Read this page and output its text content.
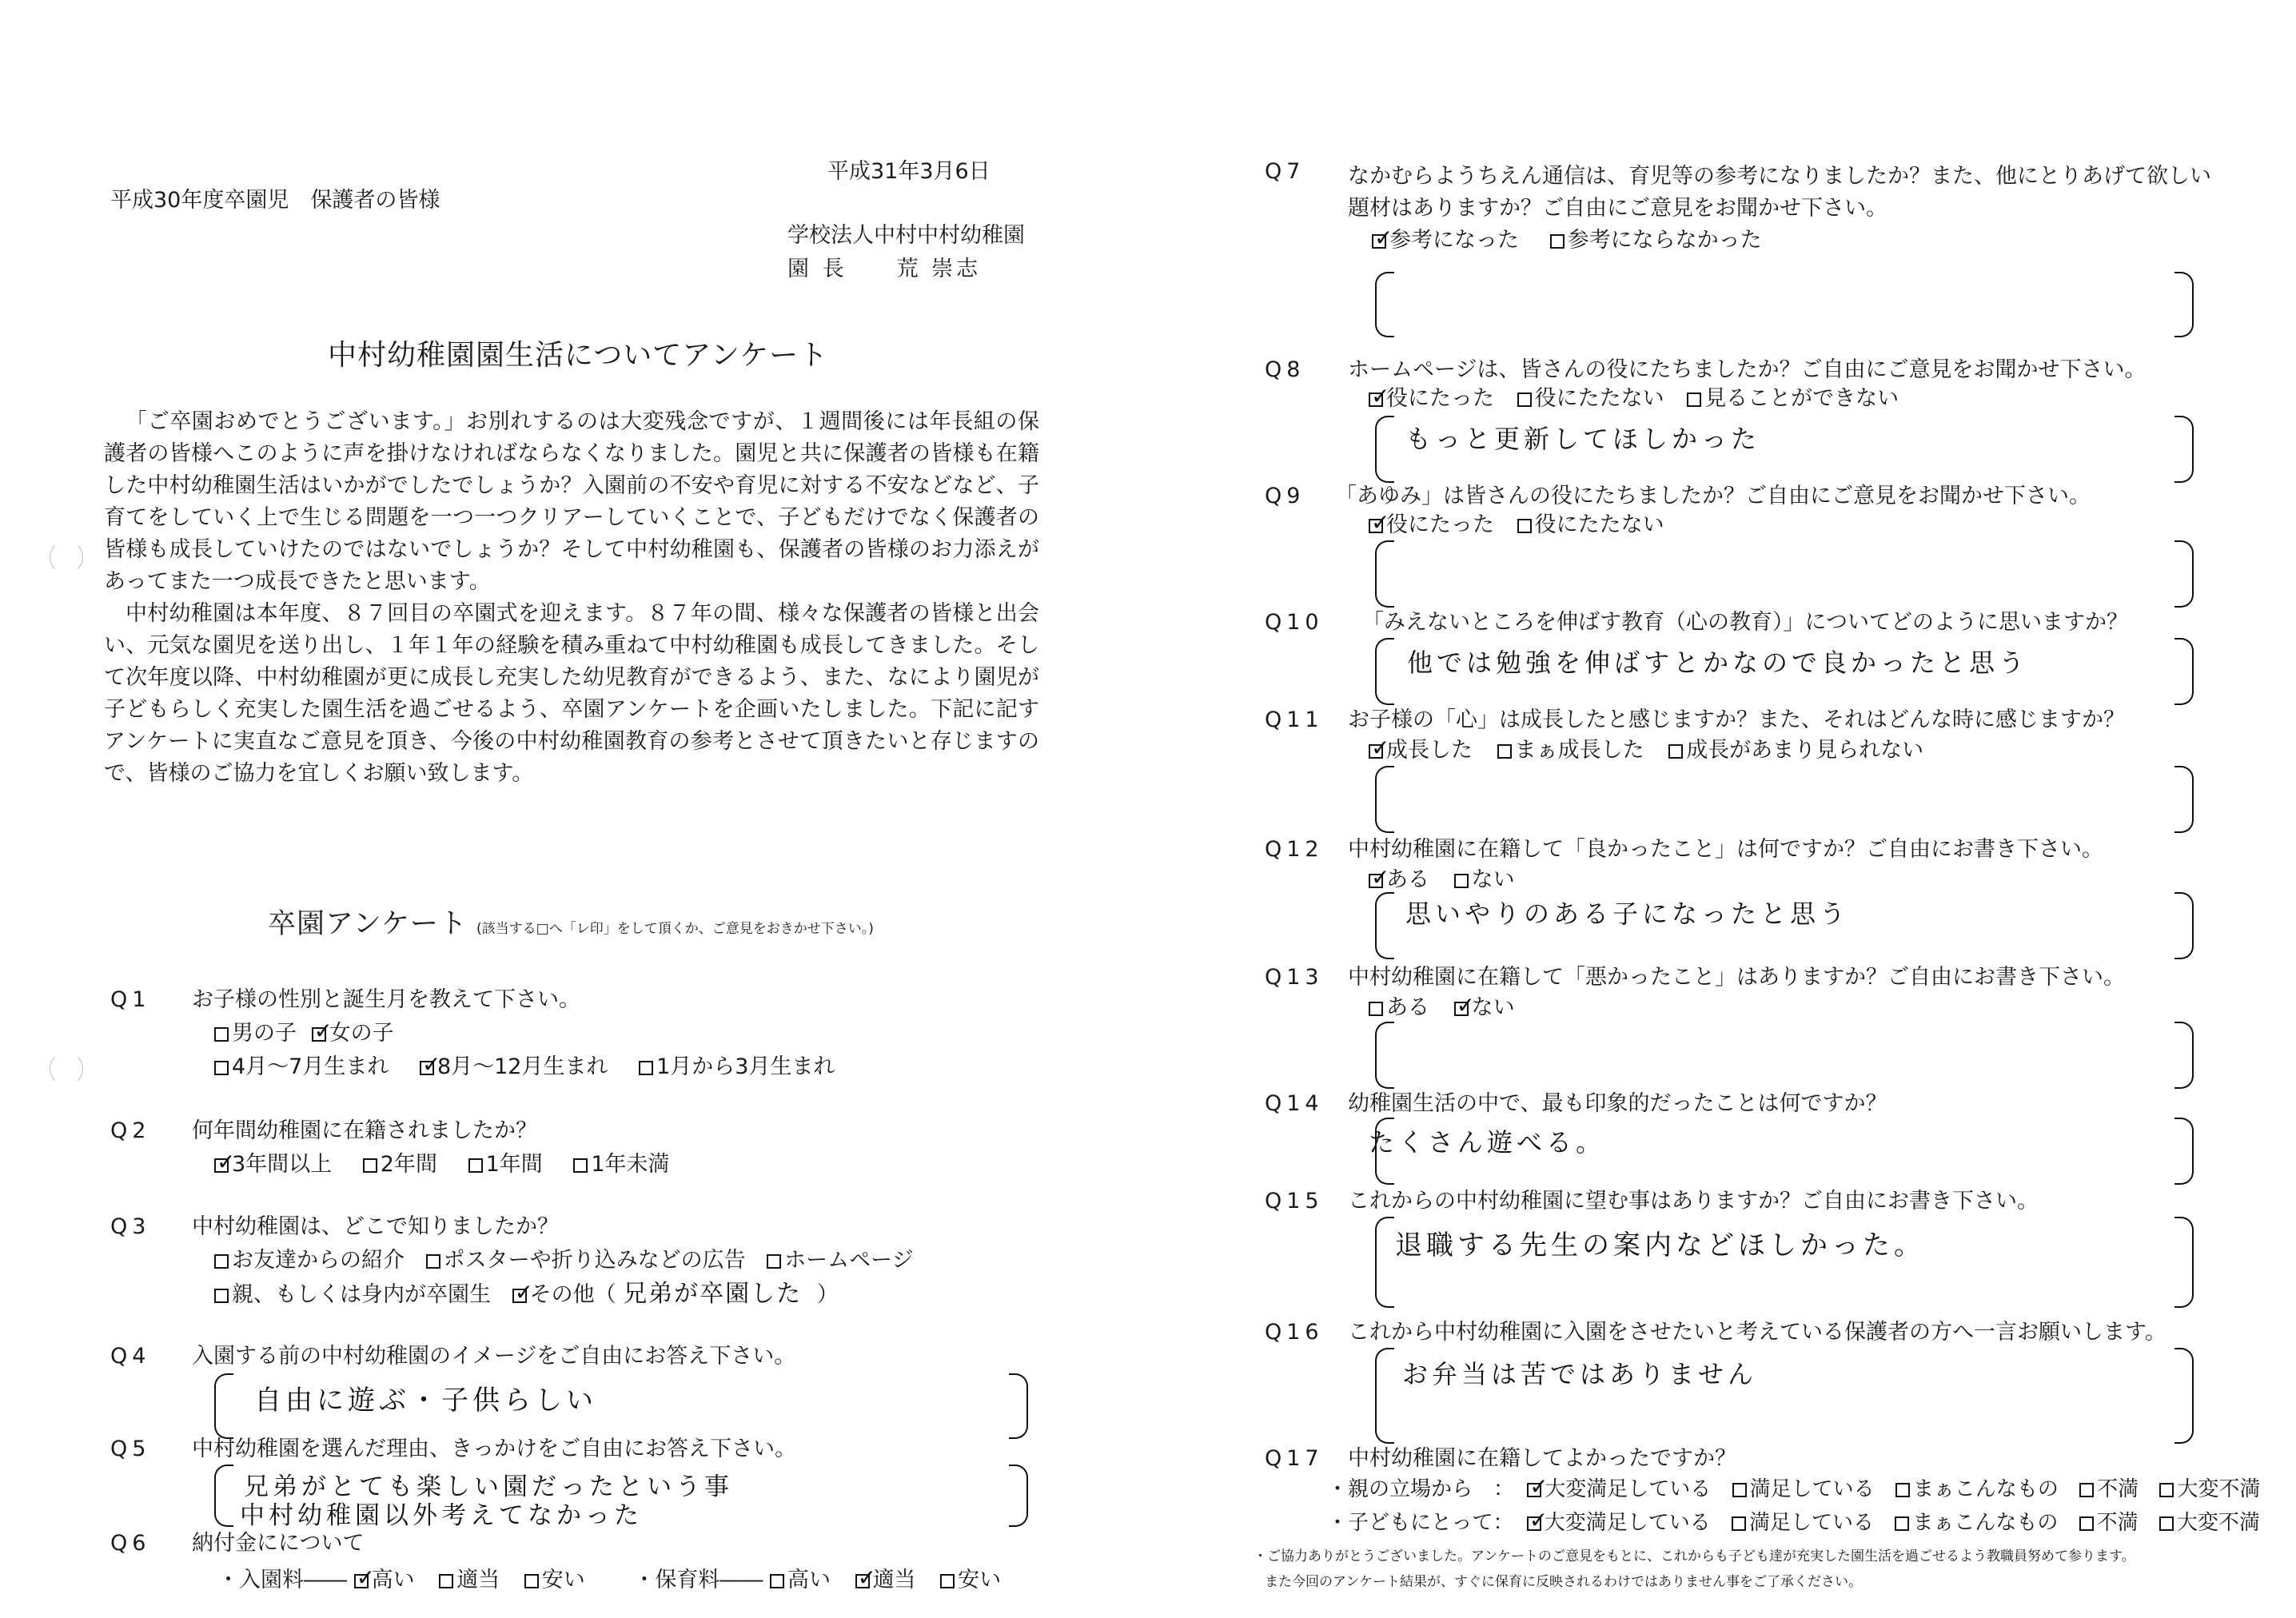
平成31年3月6日
平成30年度卒園児　保護者の皆様
学校法人中村中村幼稚園
園 長　　荒 崇志
中村幼稚園園生活についてアンケート

「ご卒園おめでとうございます。」お別れするのは大変残念ですが、１週間後には年長組の保護者の皆様へこのように声を掛けなければならなくなりました。園児と共に保護者の皆様も在籍した中村幼稚園生活はいかがでしたでしょうか？入園前の不安や育児に対する不安などなど、子育てをしていく上で生じる問題を一つ一つクリアーしていくことで、子どもだけでなく保護者の皆様も成長していけたのではないでしょうか？そして中村幼稚園も、保護者の皆様のお力添えがあってまた一つ成長できたと思います。

中村幼稚園は本年度、８７回目の卒園式を迎えます。８７年の間、様々な保護者の皆様と出会い、元気な園児を送り出し、１年１年の経験を積み重ねて中村幼稚園も成長してきました。そして次年度以降、中村幼稚園が更に成長し充実した幼児教育ができるよう、また、なにより園児が子どもらしく充実した園生活を過ごせるよう、卒園アンケートを企画いたしました。下記に記すアンケートに実直なご意見を頂き、今後の中村幼稚園教育の参考とさせて頂きたいと存じますので、皆様のご協力を宜しくお願い致します。

卒園アンケート (該当する□へ「レ印」をして頂くか、ご意見をおきかせ下さい。)
Q1 お子様の性別と誕生月を教えて下さい。
男の子 ✓ 女の子
4月～7月生まれ ✓ 8月～12月生まれ 1月から3月生まれ
Q2 何年間幼稚園に在籍されましたか？
✓3年間以上 2年間 1年間 1年未満
Q3 中村幼稚園は、どこで知りましたか？
お友達からの紹介 ポスターや折り込みなどの広告 ホームページ
親、もしくは身内が卒園生 ✓ その他（ 兄弟が卒園した ）
Q4 入園する前の中村幼稚園のイメージをご自由にお答え下さい。
自由に遊ぶ・子供らしい
Q5 中村幼稚園を選んだ理由、きっかけをご自由にお答え下さい。
兄弟がとても楽しい園だったという事
中村幼稚園以外考えてなかった
Q6 納付金にについて
・入園料―― ✓ 高い 適当 安い ・保育料―― 高い ✓ 適当 安い
Q7 なかむらようちえん通信は、育児等の参考になりましたか？また、他にとりあげて欲しい
題材はありますか？ご自由にご意見をお聞かせ下さい。
✓参考になった 参考にならなかった
Q8 ホームページは、皆さんの役にたちましたか？ご自由にご意見をお聞かせ下さい。
✓役にたった 役にたたない 見ることができない
もっと更新してほしかった
Q9 「あゆみ」は皆さんの役にたちましたか？ご自由にご意見をお聞かせ下さい。
✓役にたった 役にたたない
Q10 「みえないところを伸ばす教育（心の教育）」についてどのように思いますか？
他では勉強を伸ばすとかなので良かったと思う
Q11 お子様の「心」は成長したと感じますか？また、それはどんな時に感じますか？
✓成長した まぁ成長した 成長があまり見られない
Q12 中村幼稚園に在籍して「良かったこと」は何ですか？ご自由にお書き下さい。
✓ある ない
思いやりのある子になったと思う
Q13 中村幼稚園に在籍して「悪かったこと」はありますか？ご自由にお書き下さい。
ある ✓ ない
Q14 幼稚園生活の中で、最も印象的だったことは何ですか？
たくさん遊べる。
Q15 これからの中村幼稚園に望む事はありますか？ご自由にお書き下さい。
退職する先生の案内などほしかった。
Q16 これから中村幼稚園に入園をさせたいと考えている保護者の方へ一言お願いします。
お弁当は苦ではありません
Q17 中村幼稚園に在籍してよかったですか？
・親の立場から　： ✓ 大変満足している 満足している まぁこんなもの 不満 大変不満
・子どもにとって： ✓ 大変満足している 満足している まぁこんなもの 不満 大変不満
・ご協力ありがとうございました。アンケートのご意見をもとに、これからも子ども達が充実した園生活を過ごせるよう教職員努めて参ります。
また今回のアンケート結果が、すぐに保育に反映されるわけではありません事をご了承ください。
